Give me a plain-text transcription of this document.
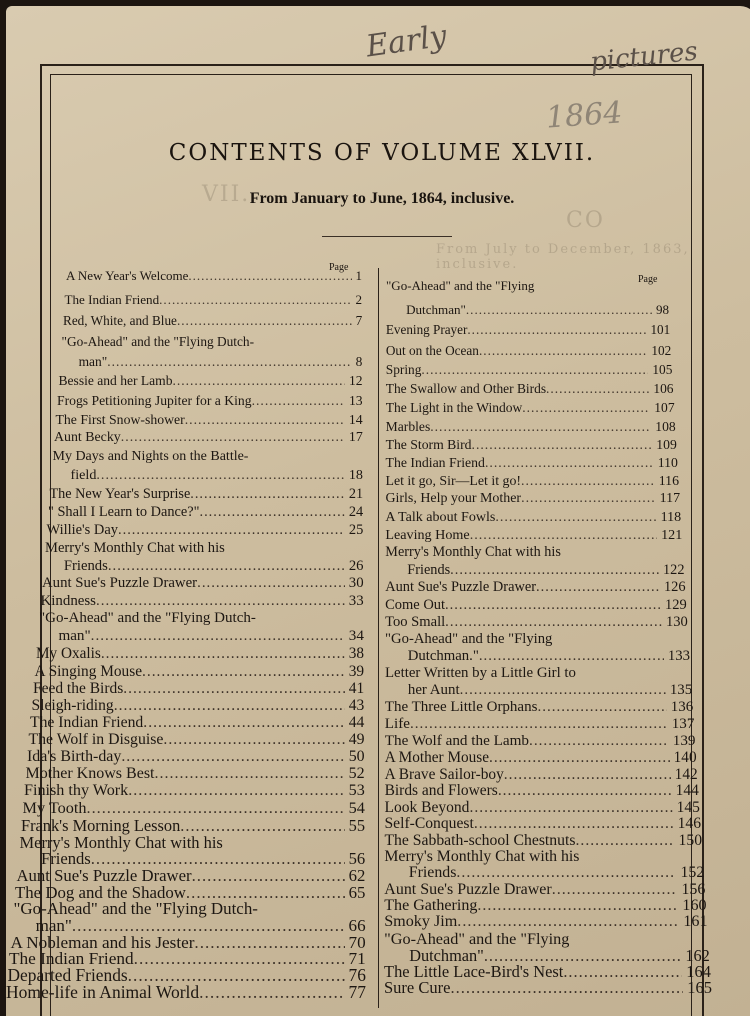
Early	pictures
1864
CO
VII.
From July to December, 1863, inclusive.
CONTENTS OF VOLUME XLVII.
From January to June, 1864, inclusive.
Page
Page
A New Year's Welcome .....	1
The Indian Friend .....	2
Red, White, and Blue .....	7
"Go-Ahead" and the "Flying Dutch-
man" .....	8
Bessie and her Lamb .....	12
Frogs Petitioning Jupiter for a King .....	13
The First Snow-shower .....	14
Aunt Becky .....	17
My Days and Nights on the Battle-
field .....	18
The New Year's Surprise .....	21
" Shall I Learn to Dance?" .....	24
Willie's Day .....	25
Merry's Monthly Chat with his
Friends .....	26
Aunt Sue's Puzzle Drawer .....	30
Kindness .....	33
"Go-Ahead" and the "Flying Dutch-
man" .....	34
My Oxalis .....	38
A Singing Mouse .....	39
Feed the Birds .....	41
Sleigh-riding .....	43
The Indian Friend .....	44
The Wolf in Disguise .....	49
Ida's Birth-day .....	50
Mother Knows Best .....	52
Finish thy Work .....	53
My Tooth .....	54
Frank's Morning Lesson .....	55
Merry's Monthly Chat with his
Friends .....	56
Aunt Sue's Puzzle Drawer .....	62
The Dog and the Shadow .....	65
"Go-Ahead" and the "Flying Dutch-
man" .....	66
A Nobleman and his Jester .....	70
The Indian Friend .....	71
Departed Friends .....	76
Home-life in Animal World .....	77
"Go-Ahead" and the "Flying
Dutchman" .....	98
Evening Prayer .....	101
Out on the Ocean .....	102
Spring .....	105
The Swallow and Other Birds .....	106
The Light in the Window .....	107
Marbles .....	108
The Storm Bird .....	109
The Indian Friend .....	110
Let it go, Sir—Let it go! .....	116
Girls, Help your Mother .....	117
A Talk about Fowls .....	118
Leaving Home .....	121
Merry's Monthly Chat with his
Friends .....	122
Aunt Sue's Puzzle Drawer .....	126
Come Out .....	129
Too Small .....	130
"Go-Ahead" and the "Flying
Dutchman." .....	133
Letter Written by a Little Girl to
her Aunt .....	135
The Three Little Orphans .....	136
Life .....	137
The Wolf and the Lamb .....	139
A Mother Mouse .....	140
A Brave Sailor-boy .....	142
Birds and Flowers .....	144
Look Beyond .....	145
Self-Conquest .....	146
The Sabbath-school Chestnuts .....	150
Merry's Monthly Chat with his
Friends .....	152
Aunt Sue's Puzzle Drawer .....	156
The Gathering .....	160
Smoky Jim .....	161
"Go-Ahead" and the "Flying
Dutchman" .....	162
The Little Lace-Bird's Nest .....	164
Sure Cure .....	165
